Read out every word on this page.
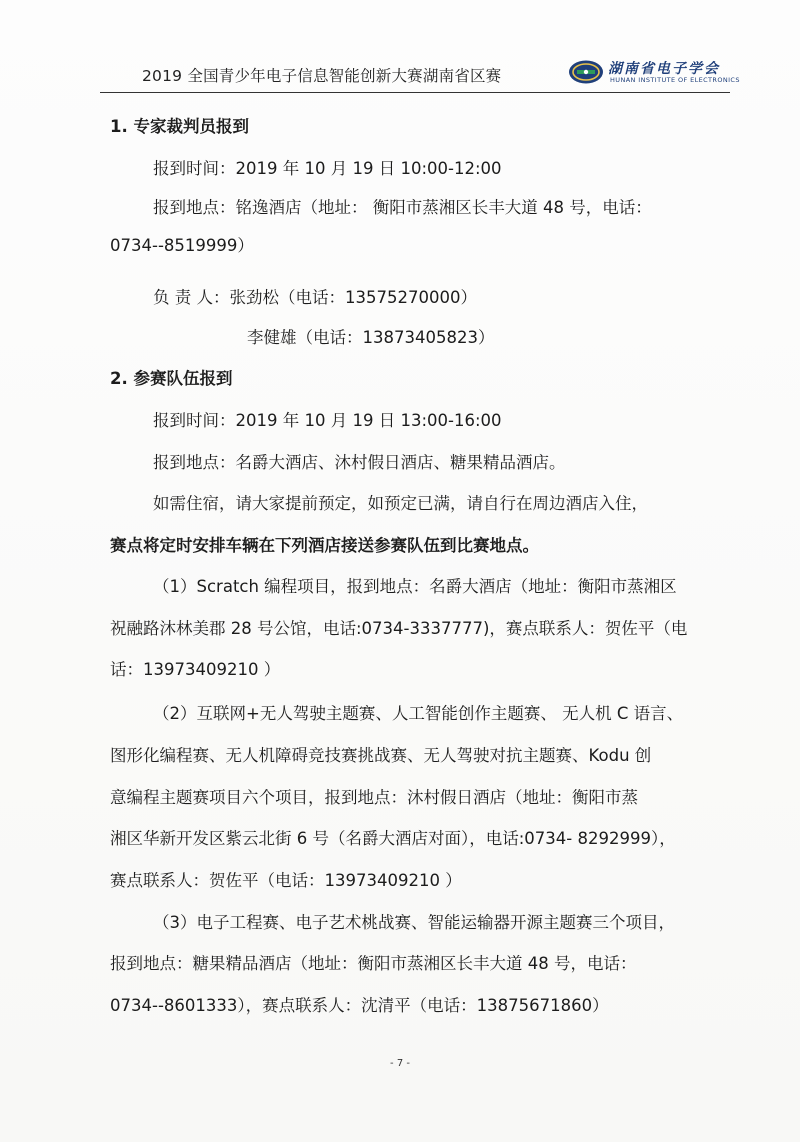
2019 全国青少年电子信息智能创新大赛湖南省区赛	湖南省电子学会
HUNAN INSTITUTE OF ELECTRONICS
1. 专家裁判员报到
报到时间：2019 年 10 月 19 日 10:00-12:00
报到地点：铭逸酒店（地址： 衡阳市蒸湘区长丰大道 48 号，电话：
0734--8519999）
负 责 人：张劲松（电话：13575270000）
李健雄（电话：13873405823）
2. 参赛队伍报到
报到时间：2019 年 10 月 19 日 13:00-16:00
报到地点：名爵大酒店、沐村假日酒店、糖果精品酒店。
如需住宿，请大家提前预定，如预定已满，请自行在周边酒店入住，
赛点将定时安排车辆在下列酒店接送参赛队伍到比赛地点。
（1）Scratch 编程项目，报到地点：名爵大酒店（地址：衡阳市蒸湘区
祝融路沐林美郡 28 号公馆，电话:0734-3337777)，赛点联系人：贺佐平（电
话：13973409210 ）
（2）互联网+无人驾驶主题赛、人工智能创作主题赛、 无人机 C 语言、
图形化编程赛、无人机障碍竞技赛挑战赛、无人驾驶对抗主题赛、Kodu 创
意编程主题赛项目六个项目，报到地点：沐村假日酒店（地址：衡阳市蒸
湘区华新开发区紫云北街 6 号（名爵大酒店对面），电话:0734- 8292999），
赛点联系人：贺佐平（电话：13973409210 ）
（3）电子工程赛、电子艺术桃战赛、智能运输器开源主题赛三个项目，
报到地点：糖果精品酒店（地址：衡阳市蒸湘区长丰大道 48 号，电话：
0734--8601333），赛点联系人：沈清平（电话：13875671860）
- 7 -
